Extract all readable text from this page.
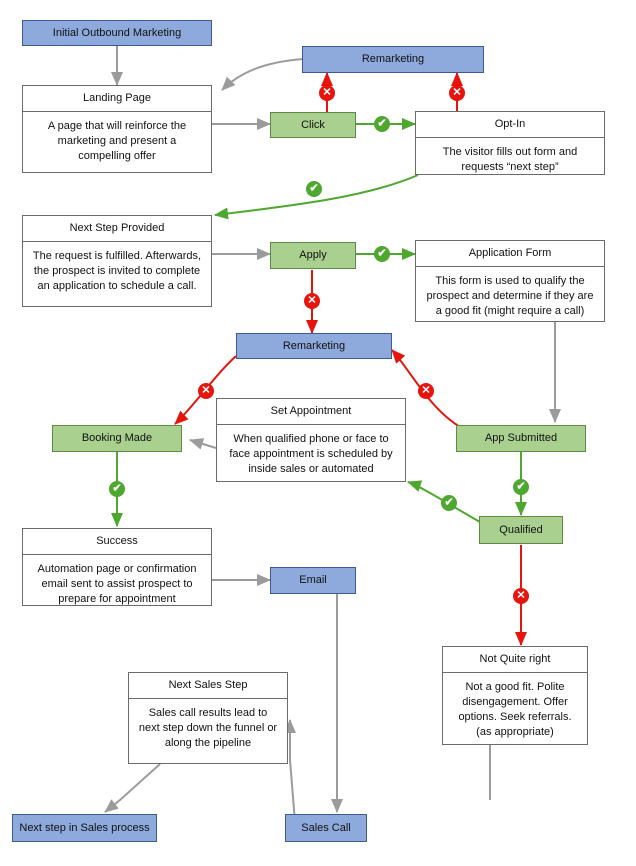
Initial Outbound Marketing
Remarketing
Landing Page
A page that will reinforce the marketing and present a compelling offer
Click	Opt-In
The visitor fills out form and requests “next step”
Next Step Provided
The request is fulfilled. Afterwards, the prospect is invited to complete an application to schedule a call.
Apply	Application Form
This form is used to qualify the prospect and determine if they are a good fit (might require a call)
Remarketing
Set Appointment
When qualified phone or face to face appointment is scheduled by inside sales or automated
App Submitted
Booking Made
Qualified
Success
Automation page or confirmation email sent to assist prospect to prepare for appointment
Email
Not Quite right
Not a good fit. Polite disengagement. Offer options. Seek referrals. (as appropriate)
Next Sales Step
Sales call results lead to next step down the funnel or along the pipeline
Next step in Sales process	Sales Call
✕	✕
✔
✔
✔
✕
✕	✕
✔
✔
✔
✕
